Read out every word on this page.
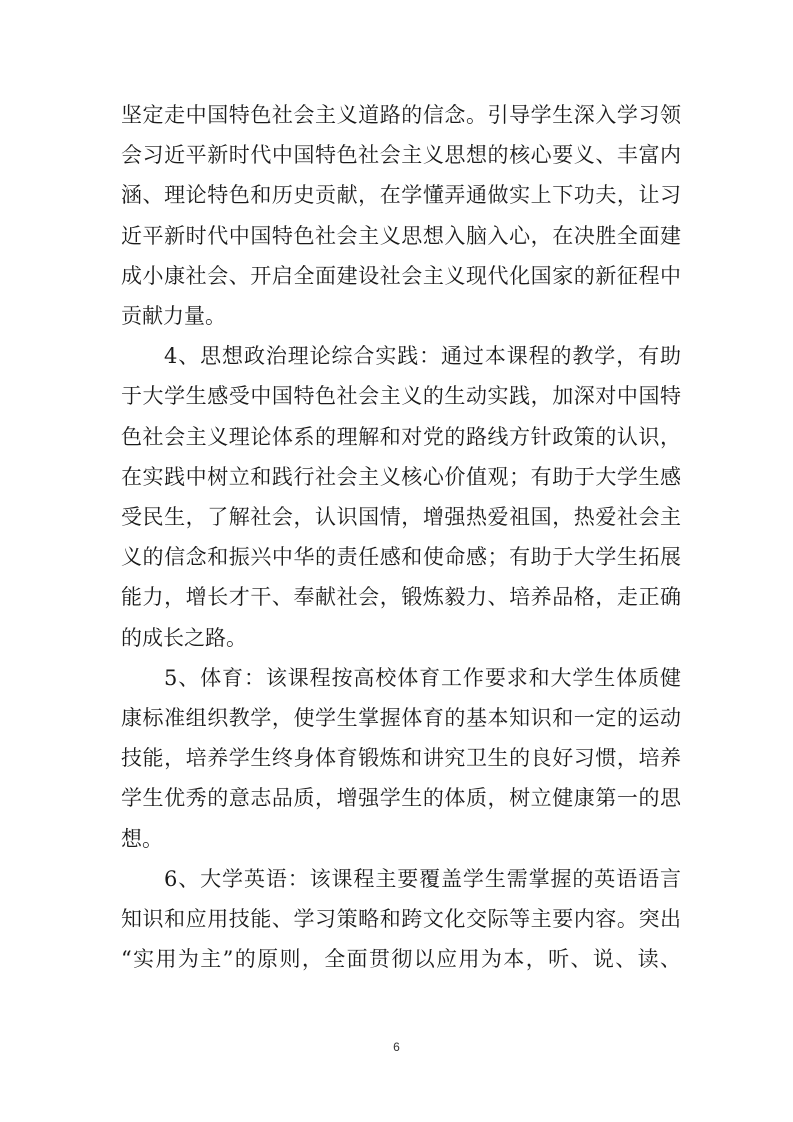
坚定走中国特色社会主义道路的信念。引导学生深入学习领

会习近平新时代中国特色社会主义思想的核心要义、丰富内

涵、理论特色和历史贡献，在学懂弄通做实上下功夫，让习

近平新时代中国特色社会主义思想入脑入心，在决胜全面建

成小康社会、开启全面建设社会主义现代化国家的新征程中

贡献力量。

4、思想政治理论综合实践：通过本课程的教学，有助

于大学生感受中国特色社会主义的生动实践，加深对中国特

色社会主义理论体系的理解和对党的路线方针政策的认识，

在实践中树立和践行社会主义核心价值观；有助于大学生感

受民生，了解社会，认识国情，增强热爱祖国，热爱社会主

义的信念和振兴中华的责任感和使命感；有助于大学生拓展

能力，增长才干、奉献社会，锻炼毅力、培养品格，走正确

的成长之路。

5、体育：该课程按高校体育工作要求和大学生体质健

康标准组织教学，使学生掌握体育的基本知识和一定的运动

技能，培养学生终身体育锻炼和讲究卫生的良好习惯，培养

学生优秀的意志品质，增强学生的体质，树立健康第一的思

想。

6、大学英语：该课程主要覆盖学生需掌握的英语语言

知识和应用技能、学习策略和跨文化交际等主要内容。突出

“实用为主”的原则，全面贯彻以应用为本，听、说、读、

6
